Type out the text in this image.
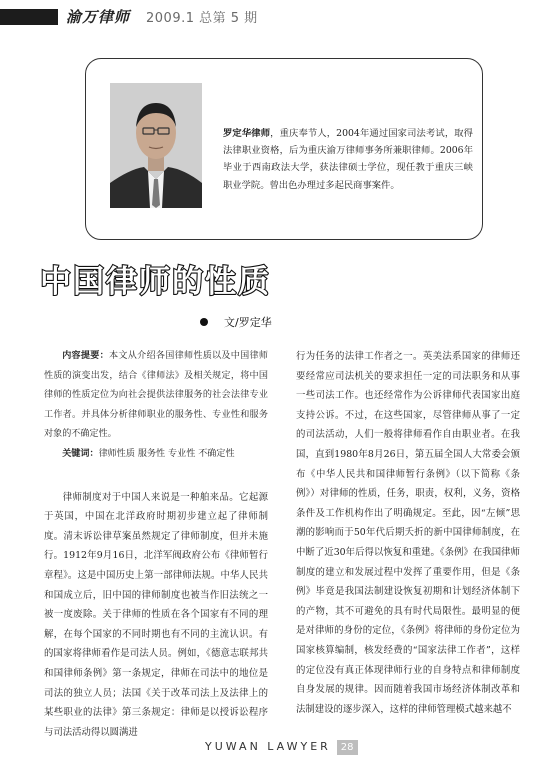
渝万律师 2009.1 总第 5 期
罗定华律师，重庆奉节人，2004年通过国家司法考试，取得法律职业资格，后为重庆渝万律师事务所兼职律师。2006年毕业于西南政法大学，获法律硕士学位，现任教于重庆三峡职业学院。曾出色办理过多起民商事案件。
中国律师的性质
文/罗定华

内容提要：本文从介绍各国律师性质以及中国律师性质的演变出发，结合《律师法》及相关规定，将中国律师的性质定位为向社会提供法律服务的社会法律专业工作者。并具体分析律师职业的服务性、专业性和服务对象的不确定性。

关键词：律师性质 服务性 专业性 不确定性

律师制度对于中国人来说是一种舶来品。它起源于英国，中国在北洋政府时期初步建立起了律师制度。清末诉讼律草案虽然规定了律师制度，但并未施行。1912年9月16日，北洋军阀政府公布《律师暂行章程》。这是中国历史上第一部律师法规。中华人民共和国成立后，旧中国的律师制度也被当作旧法统之一被一度废除。关于律师的性质在各个国家有不同的理解，在每个国家的不同时期也有不同的主流认识。有的国家将律师看作是司法人员。例如，《德意志联邦共和国律师条例》第一条规定，律师在司法中的地位是司法的独立人员；法国《关于改革司法上及法律上的某些职业的法律》第三条规定：律师是以授诉讼程序与司法活动得以圆满进

行为任务的法律工作者之一。英美法系国家的律师还要经常应司法机关的要求担任一定的司法职务和从事一些司法工作。也还经常作为公诉律师代表国家出庭支持公诉。不过，在这些国家，尽管律师从事了一定的司法活动，人们一般将律师看作自由职业者。在我国，直到1980年8月26日，第五届全国人大常委会颁布《中华人民共和国律师暂行条例》（以下简称《条例》）对律师的性质，任务，职责，权利，义务，资格条件及工作机构作出了明确规定。至此，因“左倾”思潮的影响而于50年代后期夭折的新中国律师制度，在中断了近30年后得以恢复和重建。《条例》在我国律师制度的建立和发展过程中发挥了重要作用，但是《条例》毕竟是我国法制建设恢复初期和计划经济体制下的产物，其不可避免的具有时代局限性。最明显的便是对律师的身份的定位，《条例》将律师的身份定位为国家核算编制，核发经费的“国家法律工作者”，这样的定位没有真正体现律师行业的自身特点和律师制度自身发展的规律。因而随着我国市场经济体制改革和法制建设的逐步深入，这样的律师管理模式越来越不

YUWAN LAWYER 28
